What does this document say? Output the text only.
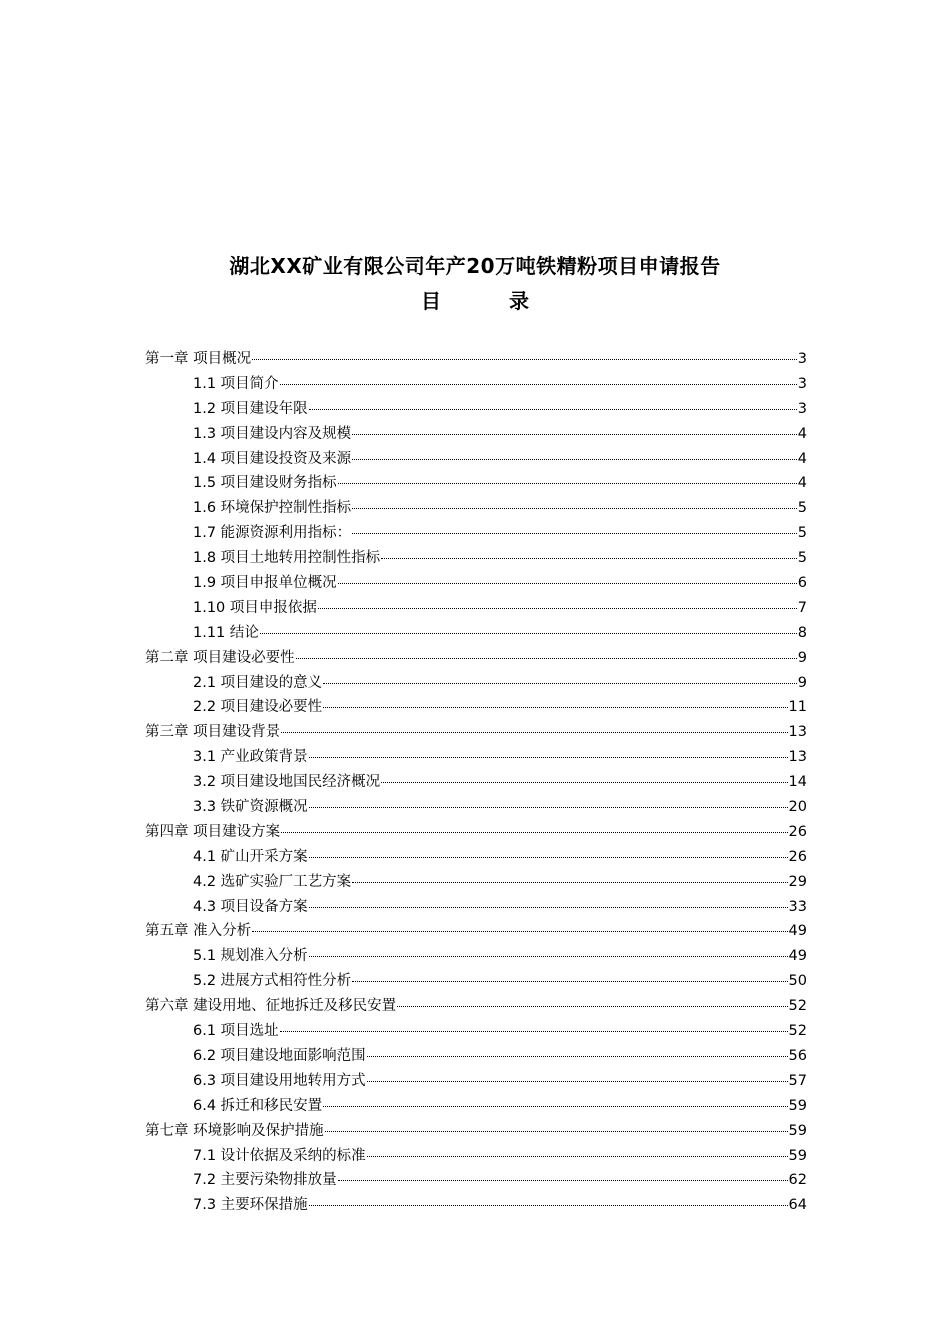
湖北XX矿业有限公司年产20万吨铁精粉项目申请报告
目	录
第一章 项目概况	3
1.1 项目简介	3
1.2 项目建设年限	3
1.3 项目建设内容及规模	4
1.4 项目建设投资及来源	4
1.5 项目建设财务指标	4
1.6 环境保护控制性指标	5
1.7 能源资源利用指标：	5
1.8 项目土地转用控制性指标	5
1.9 项目申报单位概况	6
1.10 项目申报依据	7
1.11 结论	8
第二章 项目建设必要性	9
2.1 项目建设的意义	9
2.2 项目建设必要性	11
第三章 项目建设背景	13
3.1 产业政策背景	13
3.2 项目建设地国民经济概况	14
3.3 铁矿资源概况	20
第四章 项目建设方案	26
4.1 矿山开采方案	26
4.2 选矿实验厂工艺方案	29
4.3 项目设备方案	33
第五章 准入分析	49
5.1 规划准入分析	49
5.2 进展方式相符性分析	50
第六章 建设用地、征地拆迁及移民安置	52
6.1 项目选址	52
6.2 项目建设地面影响范围	56
6.3 项目建设用地转用方式	57
6.4 拆迁和移民安置	59
第七章 环境影响及保护措施	59
7.1 设计依据及采纳的标准	59
7.2 主要污染物排放量	62
7.3 主要环保措施	64
